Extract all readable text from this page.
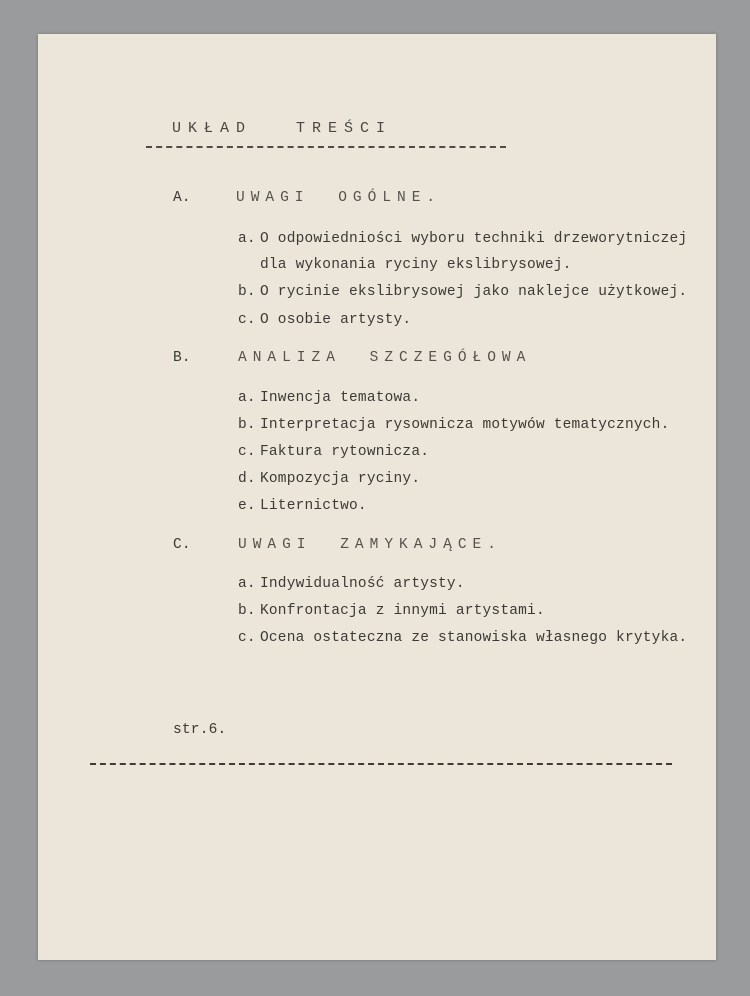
UKŁAD TREŚCI
A.	UWAGI OGÓLNE.
a. O odpowiedniości wyboru techniki drzeworytniczej
dla wykonania ryciny ekslibrysowej.
b. O rycinie ekslibrysowej jako naklejce użytkowej.
c. O osobie artysty.
B.	ANALIZA SZCZEGÓŁOWA
a. Inwencja tematowa.
b. Interpretacja rysownicza motywów tematycznych.
c. Faktura rytownicza.
d. Kompozycja ryciny.
e. Liternictwo.
C.	UWAGI ZAMYKAJĄCE.
a. Indywidualność artysty.
b. Konfrontacja z innymi artystami.
c. Ocena ostateczna ze stanowiska własnego krytyka.
str.6.
